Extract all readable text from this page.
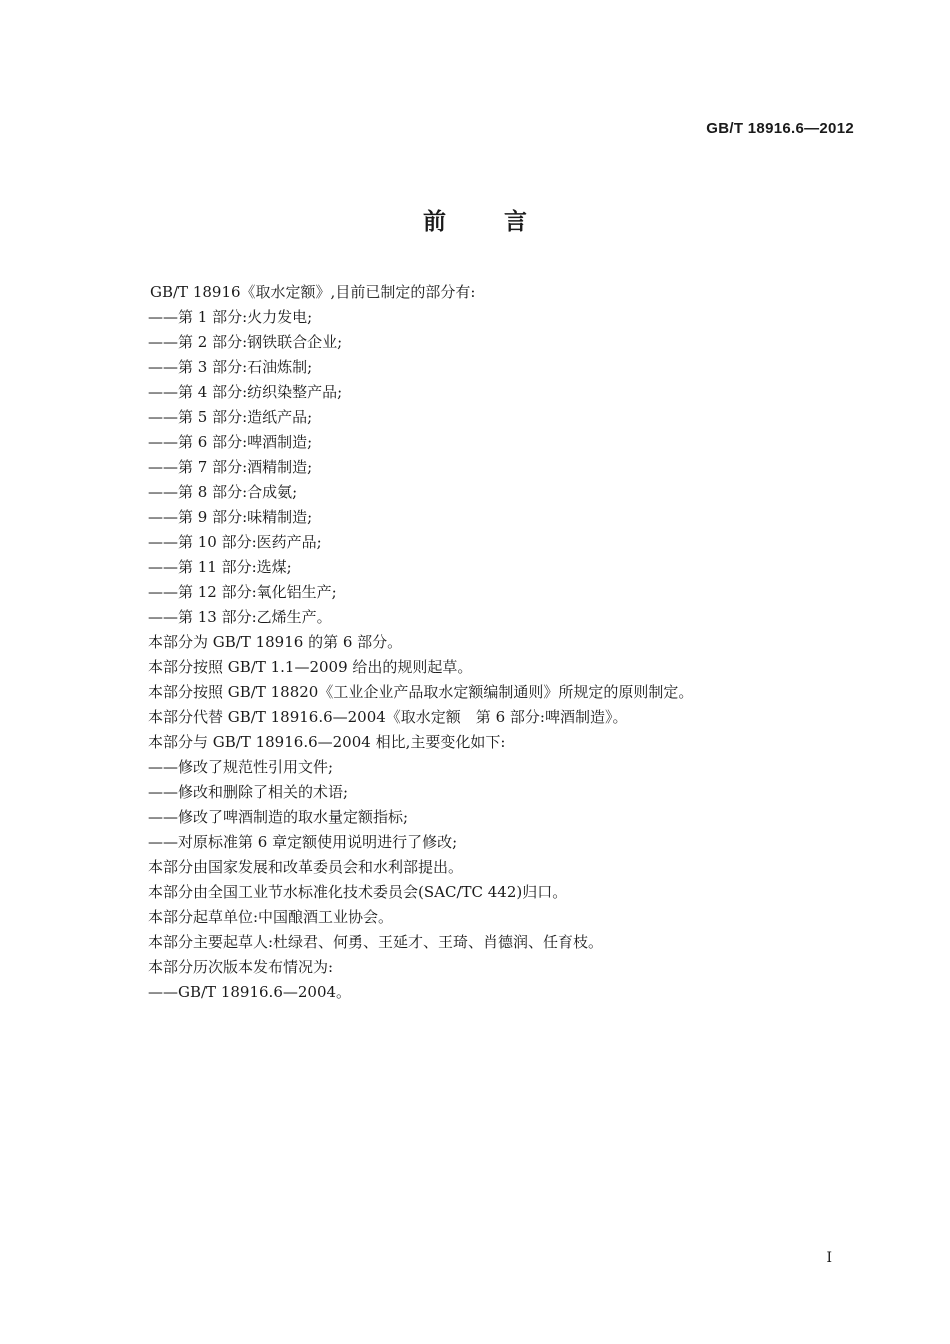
GB/T 18916.6—2012
前言
GB/T 18916《取水定额》,目前已制定的部分有:
——第 1 部分:火力发电;
——第 2 部分:钢铁联合企业;
——第 3 部分:石油炼制;
——第 4 部分:纺织染整产品;
——第 5 部分:造纸产品;
——第 6 部分:啤酒制造;
——第 7 部分:酒精制造;
——第 8 部分:合成氨;
——第 9 部分:味精制造;
——第 10 部分:医药产品;
——第 11 部分:选煤;
——第 12 部分:氧化铝生产;
——第 13 部分:乙烯生产。
本部分为 GB/T 18916 的第 6 部分。
本部分按照 GB/T 1.1—2009 给出的规则起草。
本部分按照 GB/T 18820《工业企业产品取水定额编制通则》所规定的原则制定。
本部分代替 GB/T 18916.6—2004《取水定额　第 6 部分:啤酒制造》。
本部分与 GB/T 18916.6—2004 相比,主要变化如下:
——修改了规范性引用文件;
——修改和删除了相关的术语;
——修改了啤酒制造的取水量定额指标;
——对原标准第 6 章定额使用说明进行了修改;
本部分由国家发展和改革委员会和水利部提出。
本部分由全国工业节水标准化技术委员会(SAC/TC 442)归口。
本部分起草单位:中国酿酒工业协会。
本部分主要起草人:杜绿君、何勇、王延才、王琦、肖德润、任育枝。
本部分历次版本发布情况为:
——GB/T 18916.6—2004。
I
